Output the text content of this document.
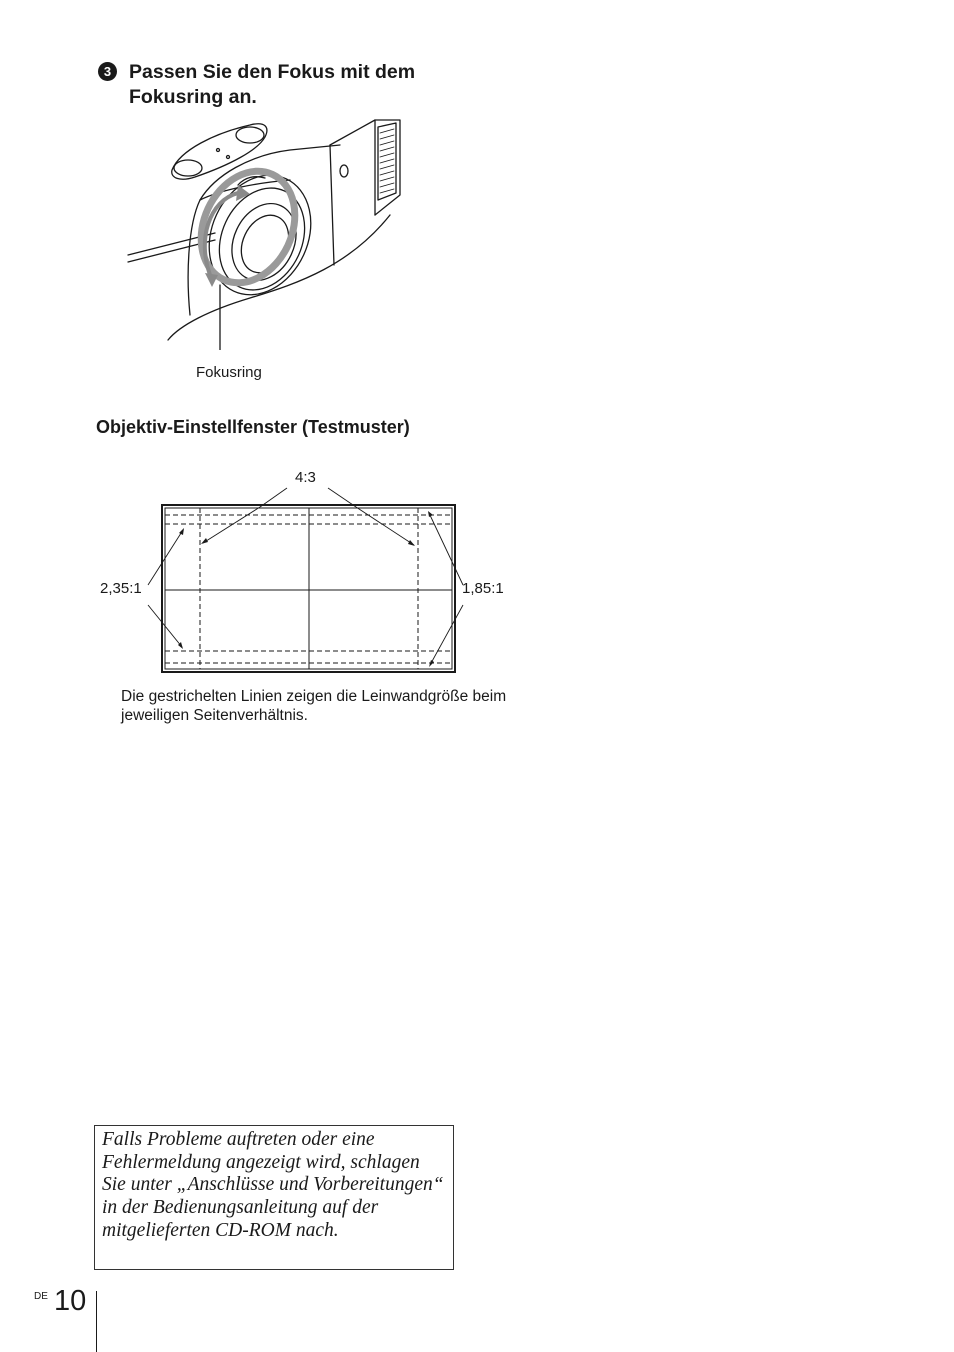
3 Passen Sie den Fokus mit dem Fokusring an.
Fokusring
Objektiv-Einstellfenster (Testmuster)
4:3
2,35:1	1,85:1
Die gestrichelten Linien zeigen die Leinwandgröße beim jeweiligen Seitenverhältnis.
Falls Probleme auftreten oder eine Fehlermeldung angezeigt wird, schlagen Sie unter „Anschlüsse und Vorbereitungen“ in der Bedienungsanleitung auf der mitgelieferten CD-ROM nach.
DE 10
